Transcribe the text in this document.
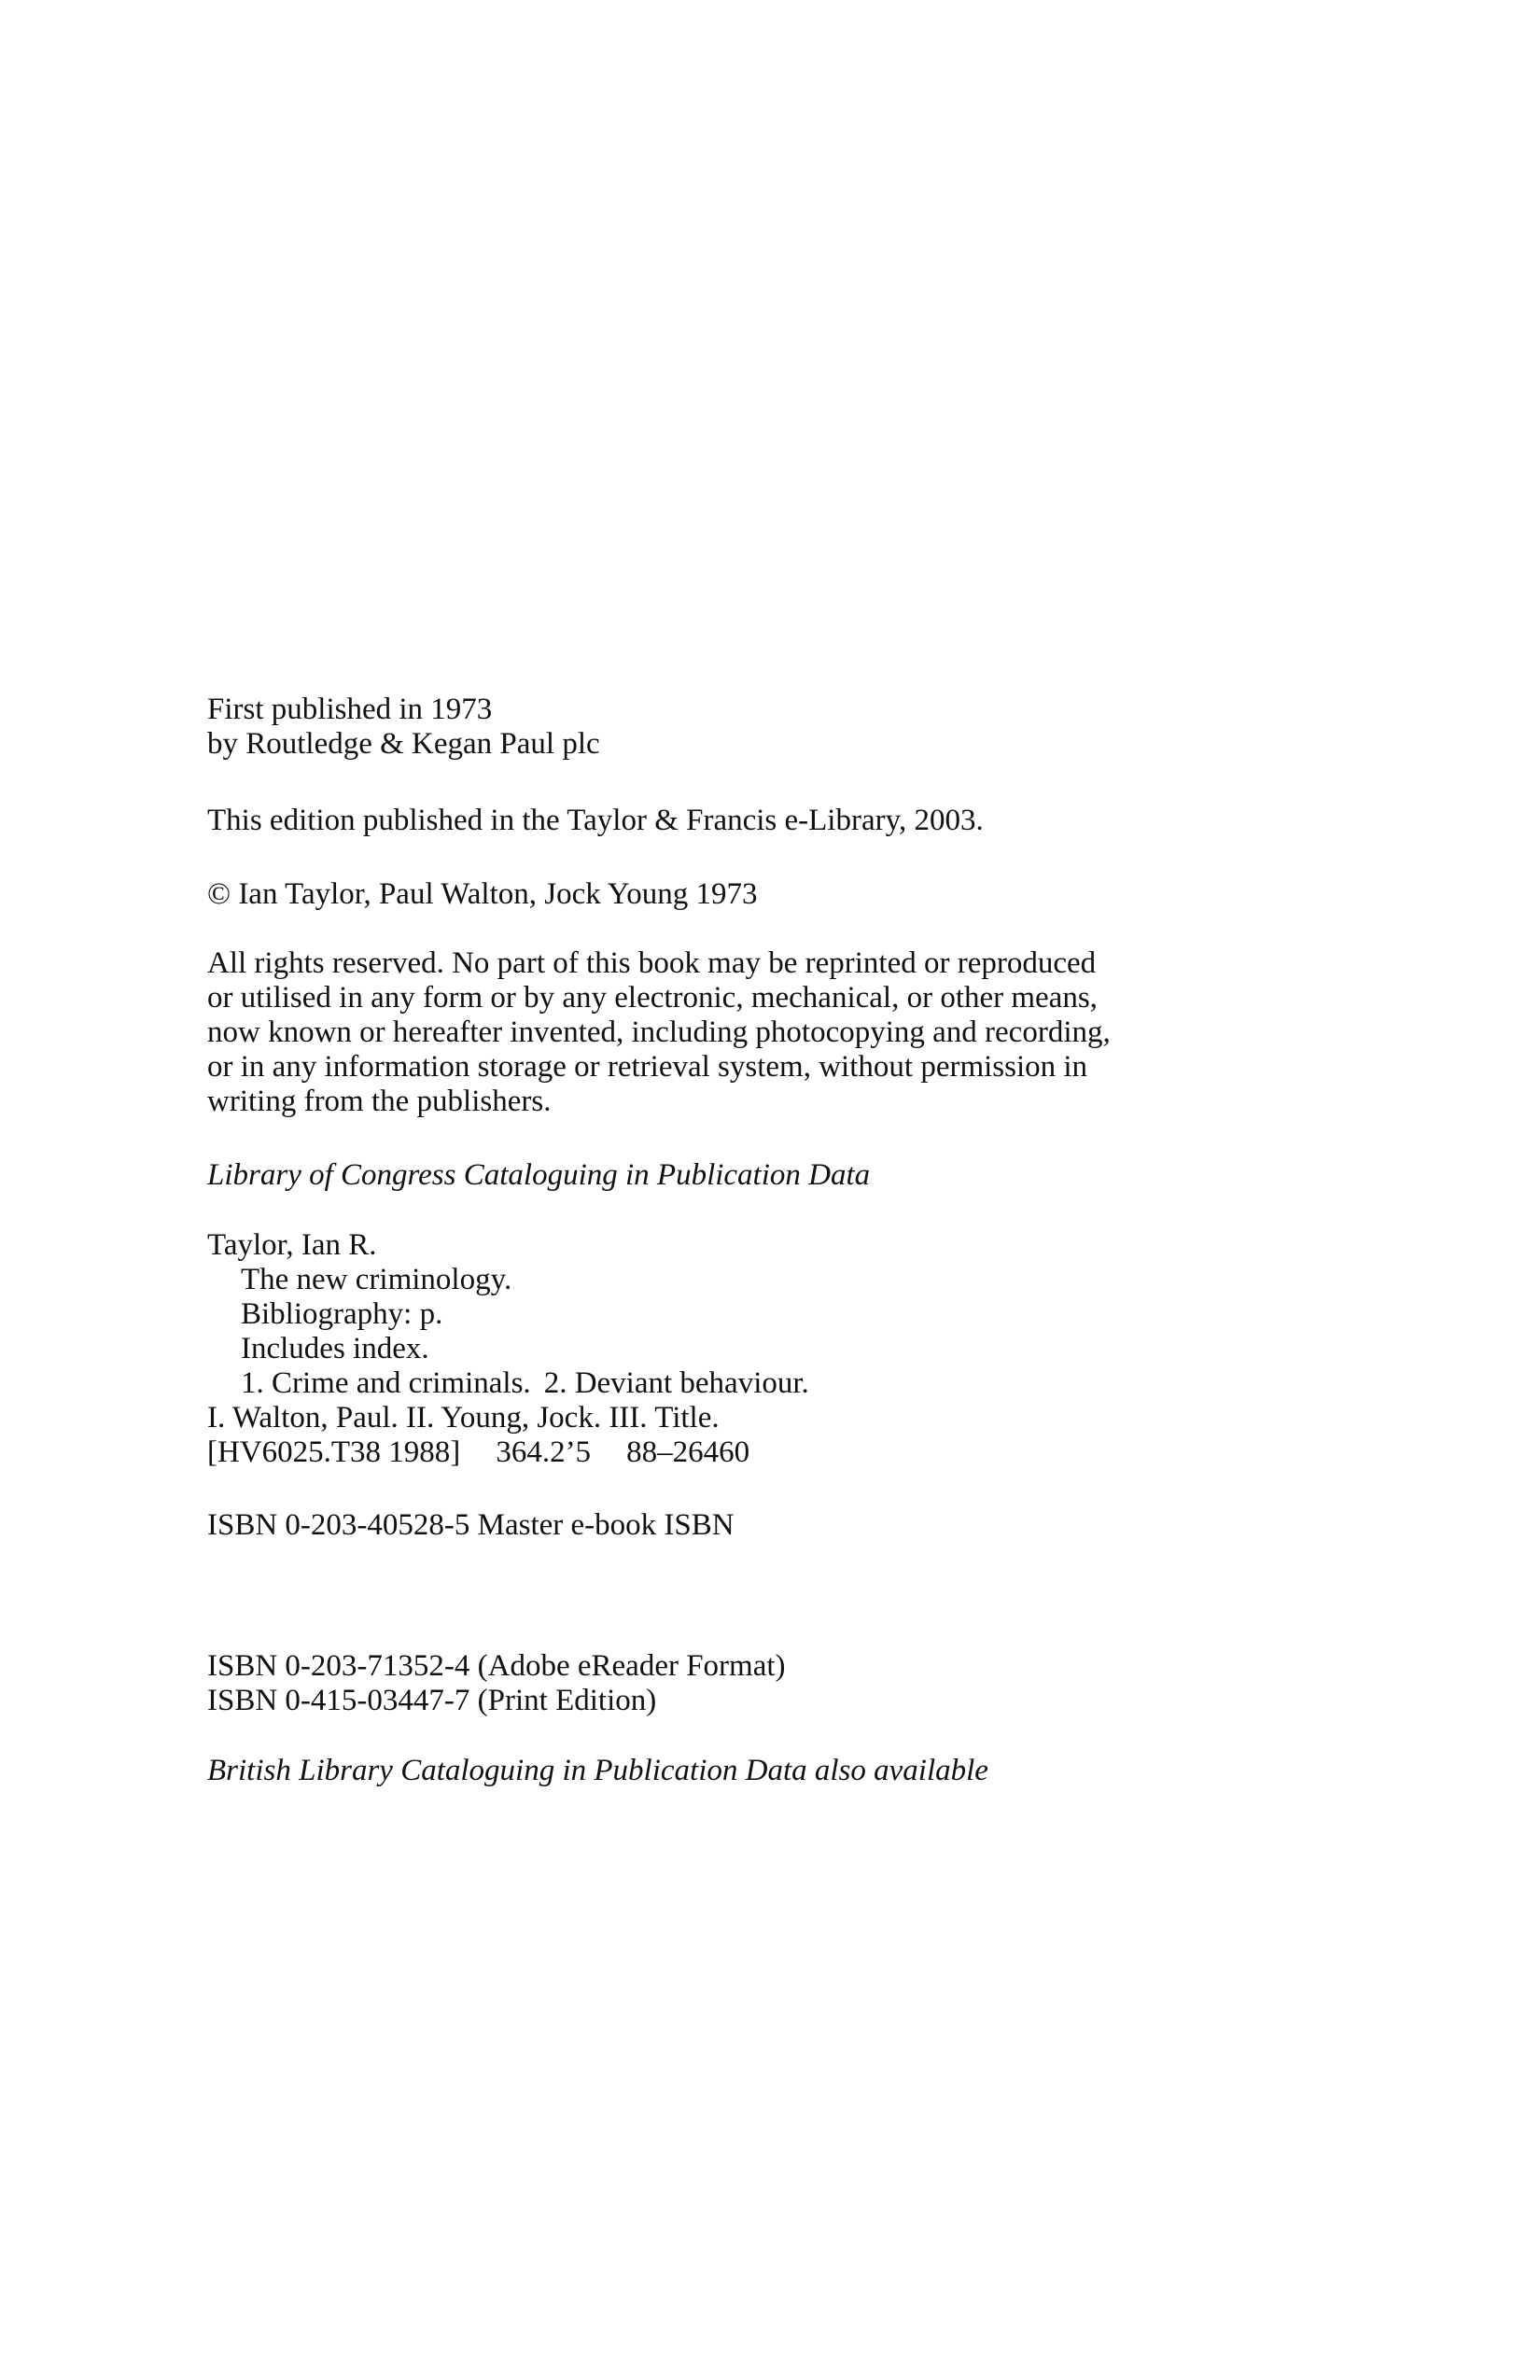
First published in 1973
by Routledge & Kegan Paul plc

This edition published in the Taylor & Francis e-Library, 2003.

© Ian Taylor, Paul Walton, Jock Young 1973

All rights reserved. No part of this book may be reprinted or reproduced
or utilised in any form or by any electronic, mechanical, or other means,
now known or hereafter invented, including photocopying and recording,
or in any information storage or retrieval system, without permission in
writing from the publishers.

Library of Congress Cataloguing in Publication Data

Taylor, Ian R.
The new criminology.
Bibliography: p.
Includes index.
1. Crime and criminals. 2. Deviant behaviour.
I. Walton, Paul. II. Young, Jock. III. Title.
[HV6025.T38 1988] 364.2’5 88–26460

ISBN 0-203-40528-5 Master e-book ISBN

ISBN 0-203-71352-4 (Adobe eReader Format)
ISBN 0-415-03447-7 (Print Edition)

British Library Cataloguing in Publication Data also available
